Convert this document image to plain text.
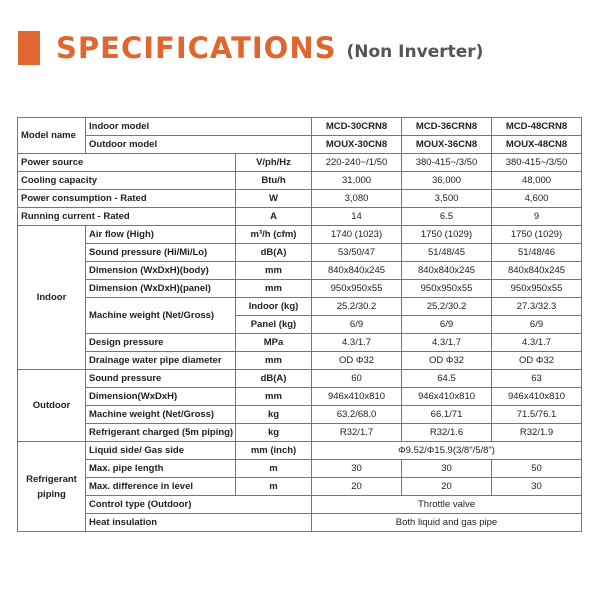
SPECIFICATIONS (Non Inverter)
Model name	Indoor model		MCD-30CRN8	MCD-36CRN8	MCD-48CRN8
	Outdoor model		MOUX-30CN8	MOUX-36CN8	MOUX-48CN8
Power source		V/ph/Hz	220-240~/1/50	380-415~/3/50	380-415~/3/50
Cooling capacity		Btu/h	31,000	36,000	48,000
Power consumption - Rated		W	3,080	3,500	4,600
Running current - Rated		A	14	6.5	9
Indoor	Air flow (High)	m³/h (cfm)	1740 (1023)	1750 (1029)	1750 (1029)
	Sound pressure (Hi/Mi/Lo)	dB(A)	53/50/47	51/48/45	51/48/46
	Dimension (WxDxH)(body)	mm	840x840x245	840x840x245	840x840x245
	Dimension (WxDxH)(panel)	mm	950x950x55	950x950x55	950x950x55
	Machine weight (Net/Gross)	Indoor (kg)	25.2/30.2	25.2/30.2	27.3/32.3
		Panel (kg)	6/9	6/9	6/9
	Design pressure	MPa	4.3/1.7	4.3/1.7	4.3/1.7
	Drainage water pipe diameter	mm	OD Φ32	OD Φ32	OD Φ32
Outdoor	Sound pressure	dB(A)	60	64.5	63
	Dimension(WxDxH)	mm	946x410x810	946x410x810	946x410x810
	Machine weight (Net/Gross)	kg	63.2/68.0	66.1/71	71.5/76.1
	Refrigerant charged (5m piping)	kg	R32/1.7	R32/1.6	R32/1.9
Refrigerant
piping	Liquid side/ Gas side	mm (inch)	Φ9.52/Φ15.9(3/8"/5/8")		
	Max. pipe length	m	30	30	50
	Max. difference in level	m	20	20	30
	Control type (Outdoor)		Throttle valve		
	Heat insulation		Both liquid and gas pipe		
